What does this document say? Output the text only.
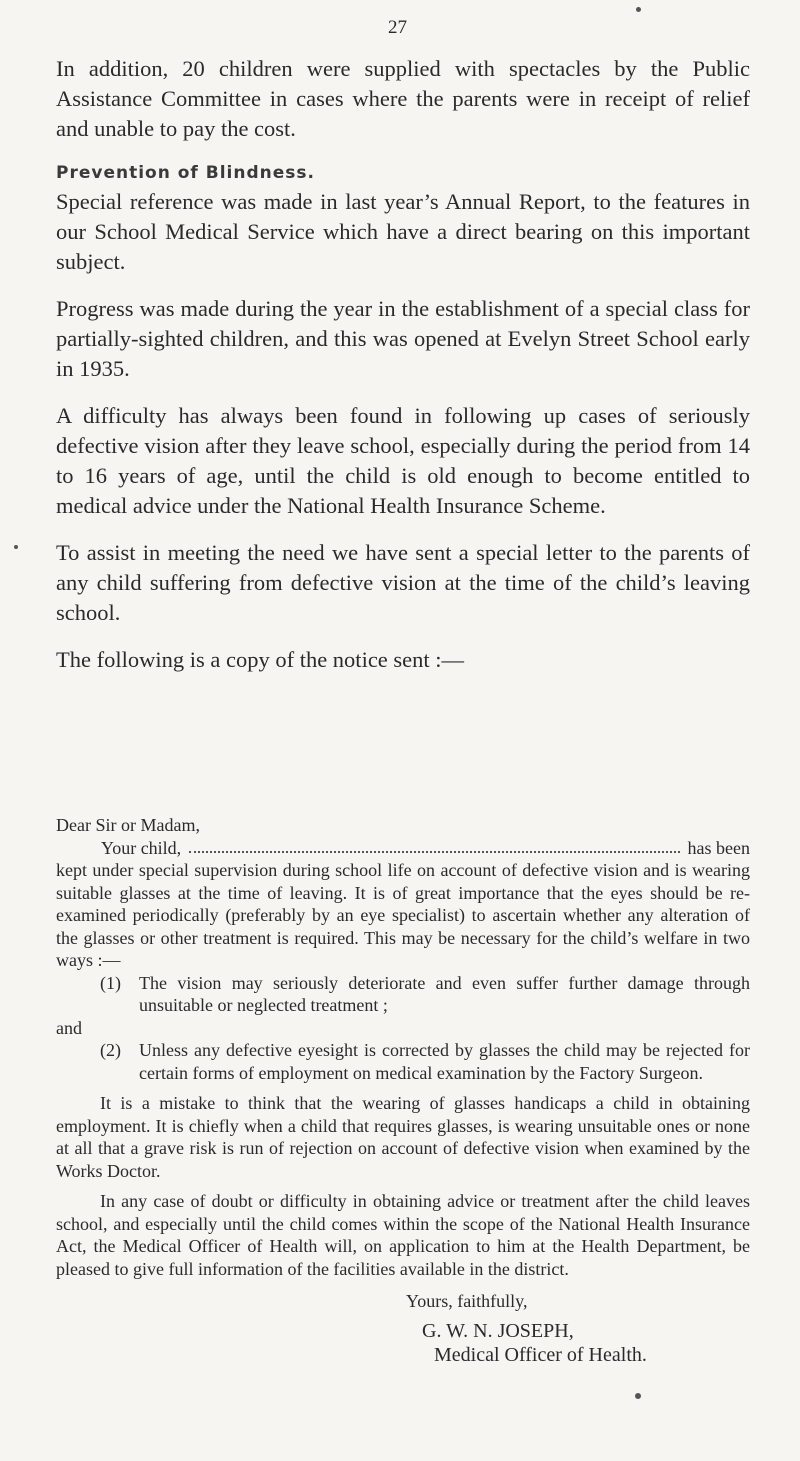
27

In addition, 20 children were supplied with spectacles by the Public Assistance Committee in cases where the parents were in receipt of relief and unable to pay the cost.

Prevention of Blindness.

Special reference was made in last year’s Annual Report, to the features in our School Medical Service which have a direct bearing on this important subject.

Progress was made during the year in the establishment of a special class for partially-sighted children, and this was opened at Evelyn Street School early in 1935.

A difficulty has always been found in following up cases of seriously defective vision after they leave school, especially during the period from 14 to 16 years of age, until the child is old enough to become entitled to medical advice under the National Health Insurance Scheme.

To assist in meeting the need we have sent a special letter to the parents of any child suffering from defective vision at the time of the child’s leaving school.

The following is a copy of the notice sent :—

Dear Sir or Madam,

Your child,	has been

kept under special supervision during school life on account of defective vision and is wearing suitable glasses at the time of leaving. It is of great importance that the eyes should be re-examined periodically (preferably by an eye specialist) to ascertain whether any alteration of the glasses or other treatment is required. This may be necessary for the child’s welfare in two ways :—

(1)	The vision may seriously deteriorate and even suffer further damage through unsuitable or neglected treatment ;

and

(2)	Unless any defective eyesight is corrected by glasses the child may be rejected for certain forms of employment on medical examination by the Factory Surgeon.

It is a mistake to think that the wearing of glasses handicaps a child in obtaining employment. It is chiefly when a child that requires glasses, is wearing unsuitable ones or none at all that a grave risk is run of rejection on account of defective vision when examined by the Works Doctor.

In any case of doubt or difficulty in obtaining advice or treatment after the child leaves school, and especially until the child comes within the scope of the National Health Insurance Act, the Medical Officer of Health will, on application to him at the Health Department, be pleased to give full information of the facilities available in the district.

Yours, faithfully,

G. W. N. JOSEPH,

Medical Officer of Health.
